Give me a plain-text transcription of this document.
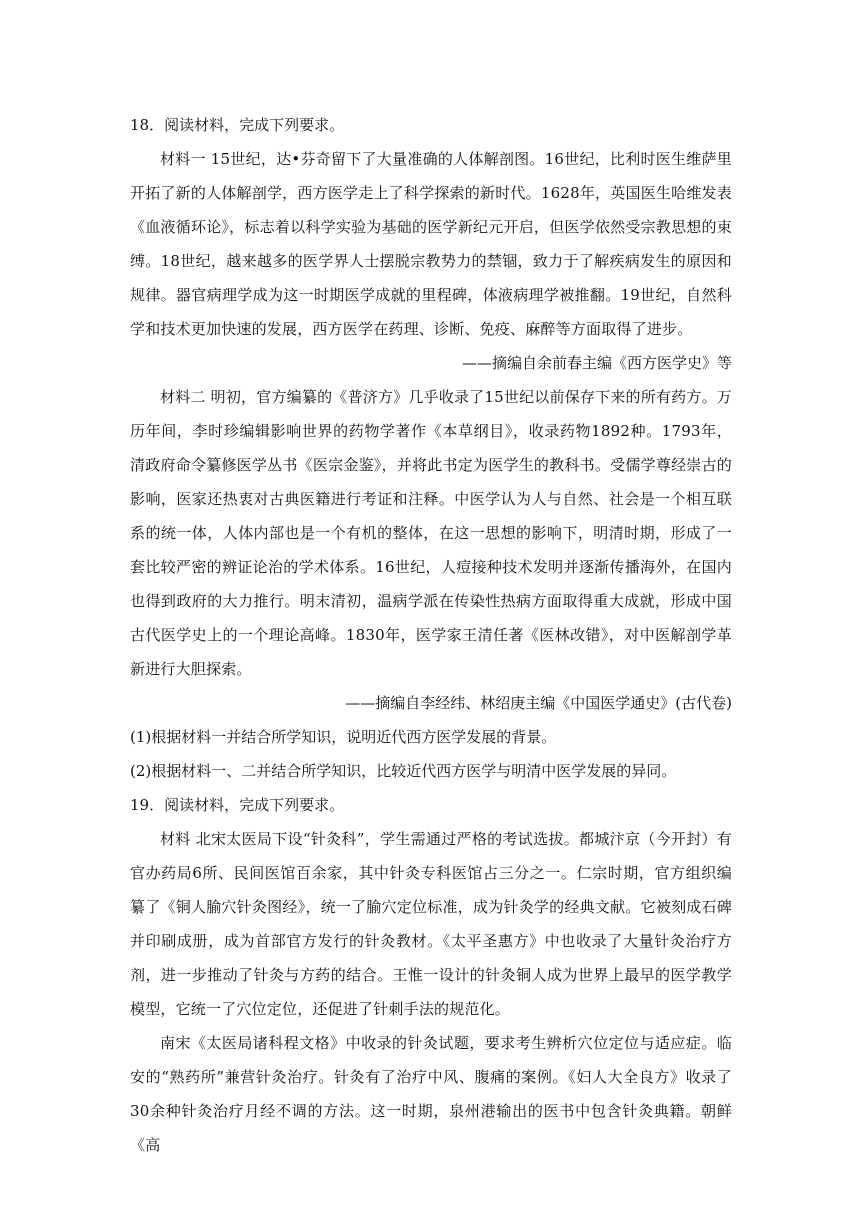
18．阅读材料，完成下列要求。

材料一 15世纪，达•芬奇留下了大量准确的人体解剖图。16世纪，比利时医生维萨里开拓了新的人体解剖学，西方医学走上了科学探索的新时代。1628年，英国医生哈维发表《血液循环论》，标志着以科学实验为基础的医学新纪元开启，但医学依然受宗教思想的束缚。18世纪，越来越多的医学界人士摆脱宗教势力的禁锢，致力于了解疾病发生的原因和规律。器官病理学成为这一时期医学成就的里程碑，体液病理学被推翻。19世纪，自然科学和技术更加快速的发展，西方医学在药理、诊断、免疫、麻醉等方面取得了进步。

——摘编自余前春主编《西方医学史》等

材料二 明初，官方编纂的《普济方》几乎收录了15世纪以前保存下来的所有药方。万历年间，李时珍编辑影响世界的药物学著作《本草纲目》，收录药物1892种。1793年，清政府命令纂修医学丛书《医宗金鉴》，并将此书定为医学生的教科书。受儒学尊经崇古的影响，医家还热衷对古典医籍进行考证和注释。中医学认为人与自然、社会是一个相互联系的统一体，人体内部也是一个有机的整体，在这一思想的影响下，明清时期，形成了一套比较严密的辨证论治的学术体系。16世纪，人痘接种技术发明并逐渐传播海外，在国内也得到政府的大力推行。明末清初，温病学派在传染性热病方面取得重大成就，形成中国古代医学史上的一个理论高峰。1830年，医学家王清任著《医林改错》，对中医解剖学革新进行大胆探索。

——摘编自李经纬、林绍庚主编《中国医学通史》(古代卷)

(1)根据材料一并结合所学知识，说明近代西方医学发展的背景。

(2)根据材料一、二并结合所学知识，比较近代西方医学与明清中医学发展的异同。

19．阅读材料，完成下列要求。

材料 北宋太医局下设“针灸科”，学生需通过严格的考试选拔。都城汴京（今开封）有官办药局6所、民间医馆百余家，其中针灸专科医馆占三分之一。仁宗时期，官方组织编纂了《铜人腧穴针灸图经》，统一了腧穴定位标准，成为针灸学的经典文献。它被刻成石碑并印刷成册，成为首部官方发行的针灸教材。《太平圣惠方》中也收录了大量针灸治疗方剂，进一步推动了针灸与方药的结合。王惟一设计的针灸铜人成为世界上最早的医学教学模型，它统一了穴位定位，还促进了针刺手法的规范化。

南宋《太医局诸科程文格》中收录的针灸试题，要求考生辨析穴位定位与适应症。临安的“熟药所”兼营针灸治疗。针灸有了治疗中风、腹痛的案例。《妇人大全良方》收录了30余种针灸治疗月经不调的方法。这一时期，泉州港输出的医书中包含针灸典籍。朝鲜《高
